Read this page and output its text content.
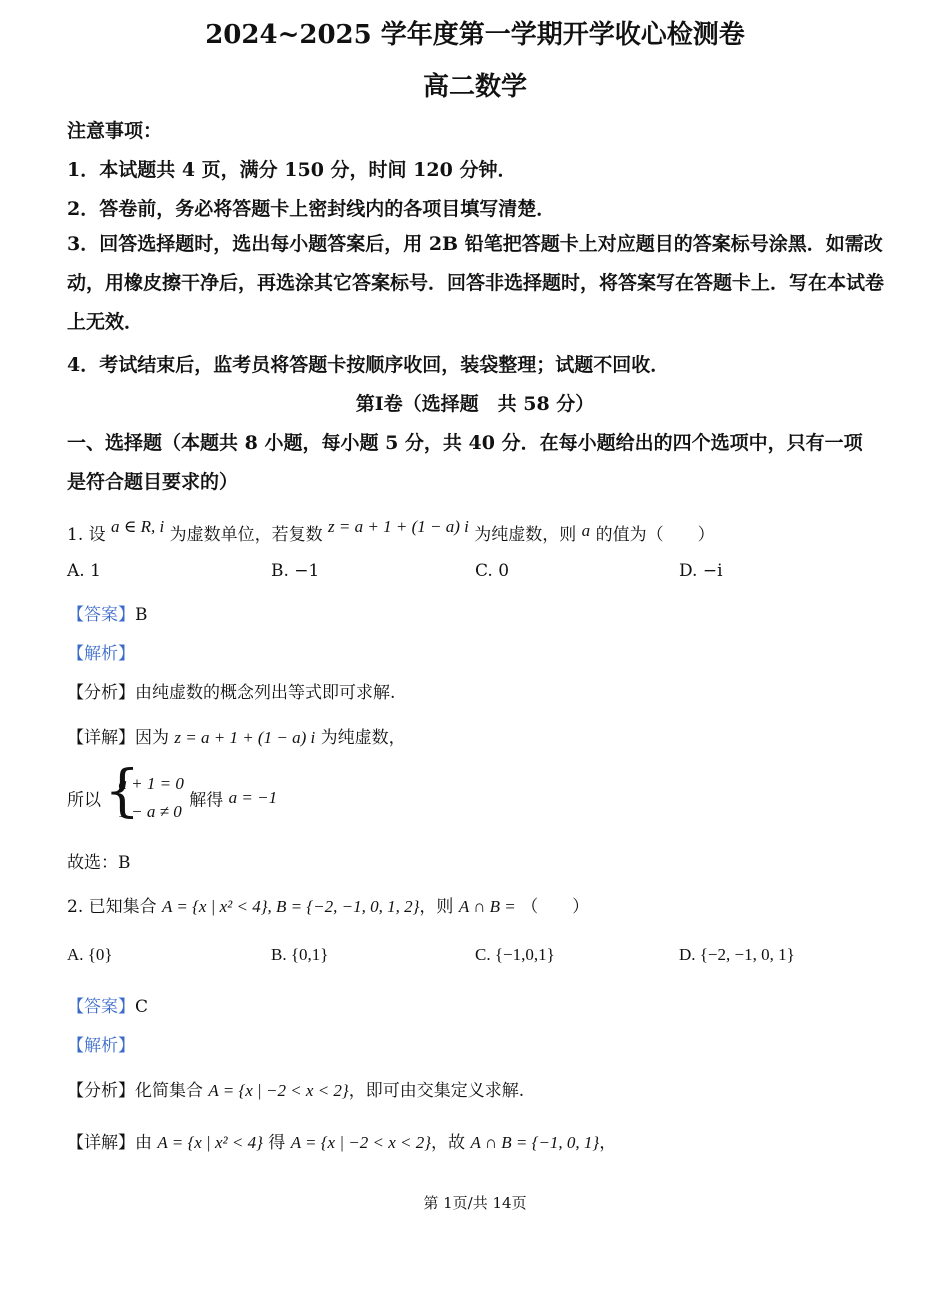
2024~2025 学年度第一学期开学收心检测卷
高二数学
注意事项：
1．本试题共 4 页，满分 150 分，时间 120 分钟．
2．答卷前，务必将答题卡上密封线内的各项目填写清楚．
3．回答选择题时，选出每小题答案后，用 2B 铅笔把答题卡上对应题目的答案标号涂黑．如需改动，用橡皮擦干净后，再选涂其它答案标号．回答非选择题时，将答案写在答题卡上．写在本试卷上无效．
4．考试结束后，监考员将答题卡按顺序收回，装袋整理；试题不回收．
第Ⅰ卷（选择题　共 58 分）
一、选择题（本题共 8 小题，每小题 5 分，共 40 分．在每小题给出的四个选项中，只有一项
是符合题目要求的）
1. 设 a ∈ R, i 为虚数单位，若复数 z = a + 1 + (1 − a) i 为纯虚数，则 a 的值为（　　）
A. 1	B. −1	C. 0	D. −i
【答案】B
【解析】
【分析】由纯虚数的概念列出等式即可求解.
【详解】因为 z = a + 1 + (1 − a) i 为纯虚数，
所以
{ a + 1 = 0
1 − a ≠ 0
解得 a = −1
故选：B
2. 已知集合 A = {x | x² < 4}, B = {−2, −1, 0, 1, 2}，则 A ∩ B = （　　）
A. {0}	B. {0,1}	C. {−1,0,1}	D. {−2, −1, 0, 1}
【答案】C
【解析】
【分析】化简集合 A = {x | −2 < x < 2}，即可由交集定义求解.
【详解】由 A = {x | x² < 4} 得 A = {x | −2 < x < 2}，故 A ∩ B = {−1, 0, 1}，
第 1页/共 14页
